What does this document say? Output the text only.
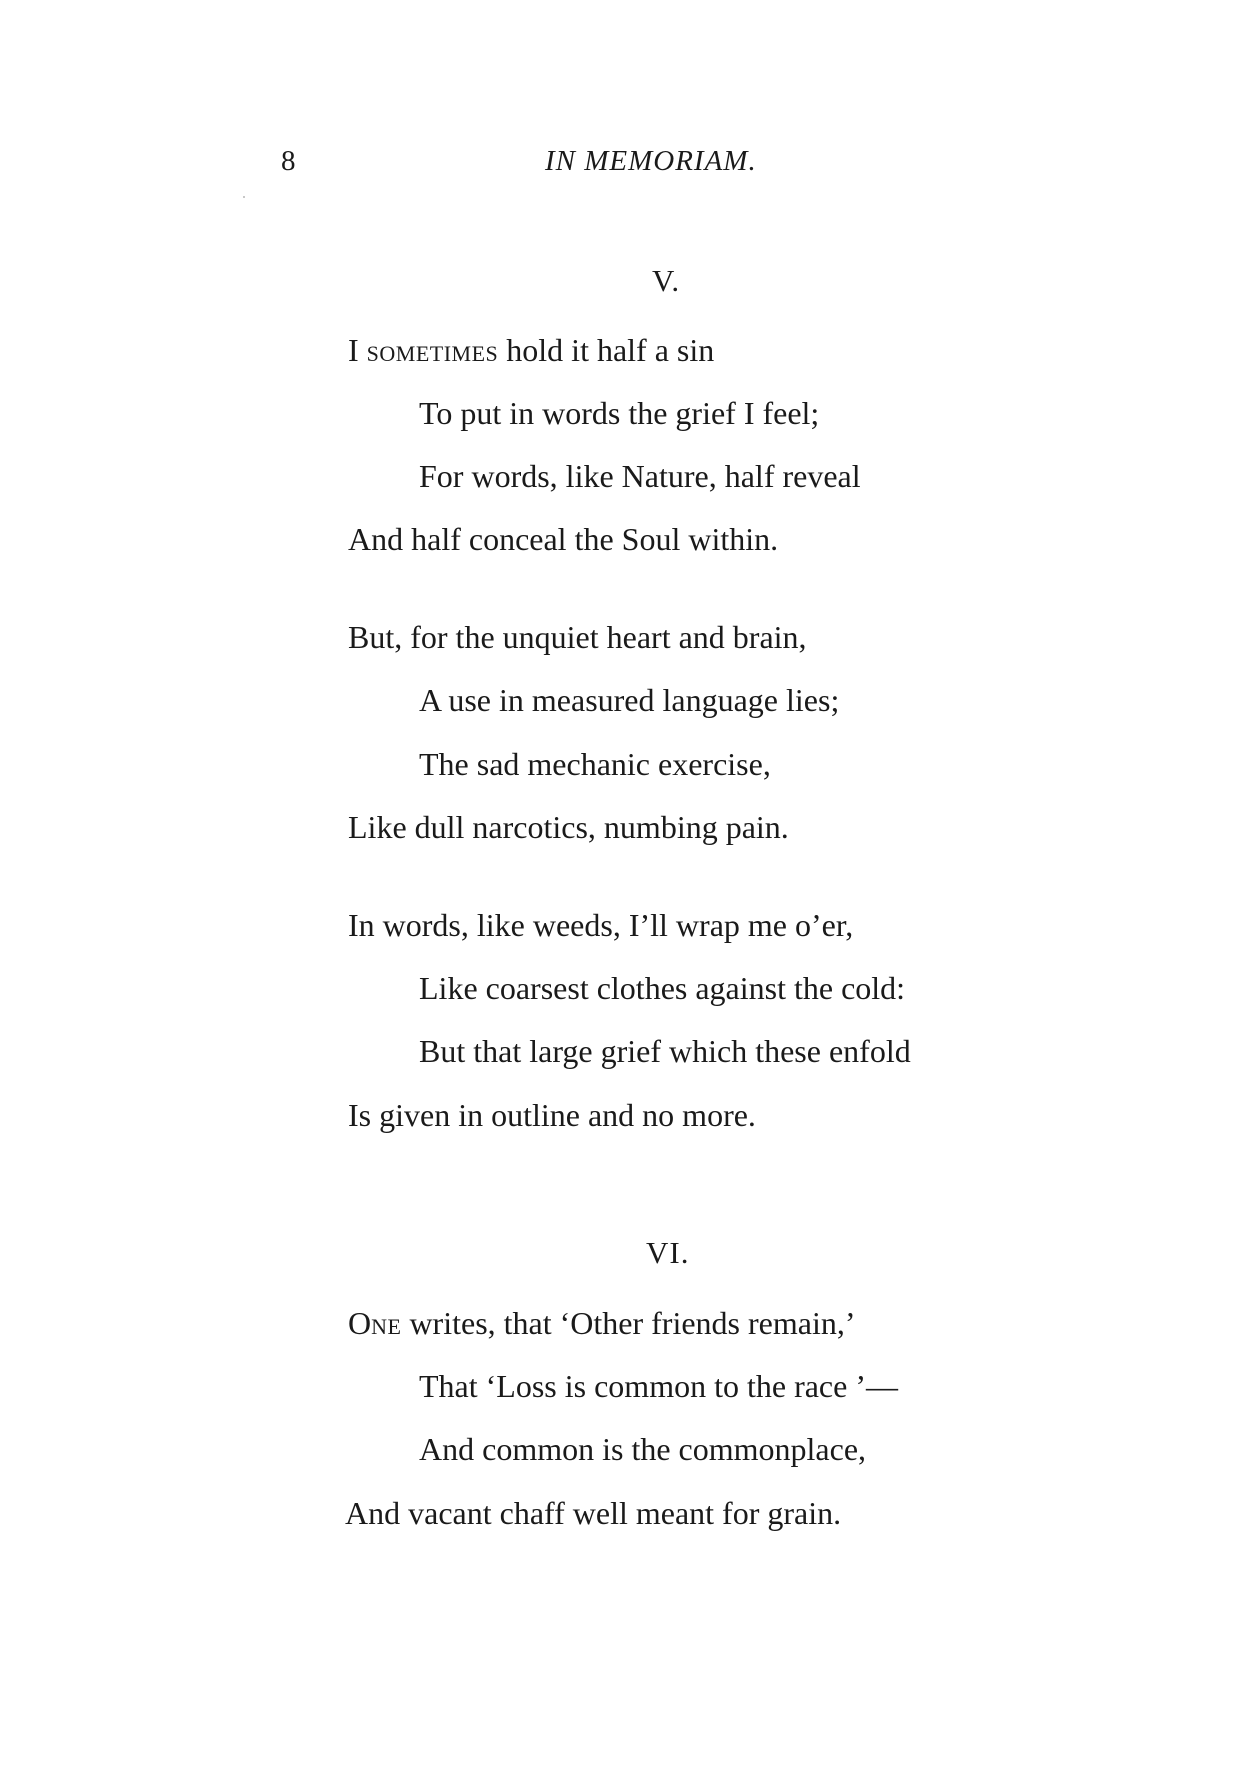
8	IN MEMORIAM.
V.
I sometimes hold it half a sin
To put in words the grief I feel;
For words, like Nature, half reveal
And half conceal the Soul within.
But, for the unquiet heart and brain,
A use in measured language lies;
The sad mechanic exercise,
Like dull narcotics, numbing pain.
In words, like weeds, I’ll wrap me o’er,
Like coarsest clothes against the cold:
But that large grief which these enfold
Is given in outline and no more.
VI.
One writes, that ‘Other friends remain,’
That ‘Loss is common to the race ’—
And common is the commonplace,
And vacant chaff well meant for grain.
